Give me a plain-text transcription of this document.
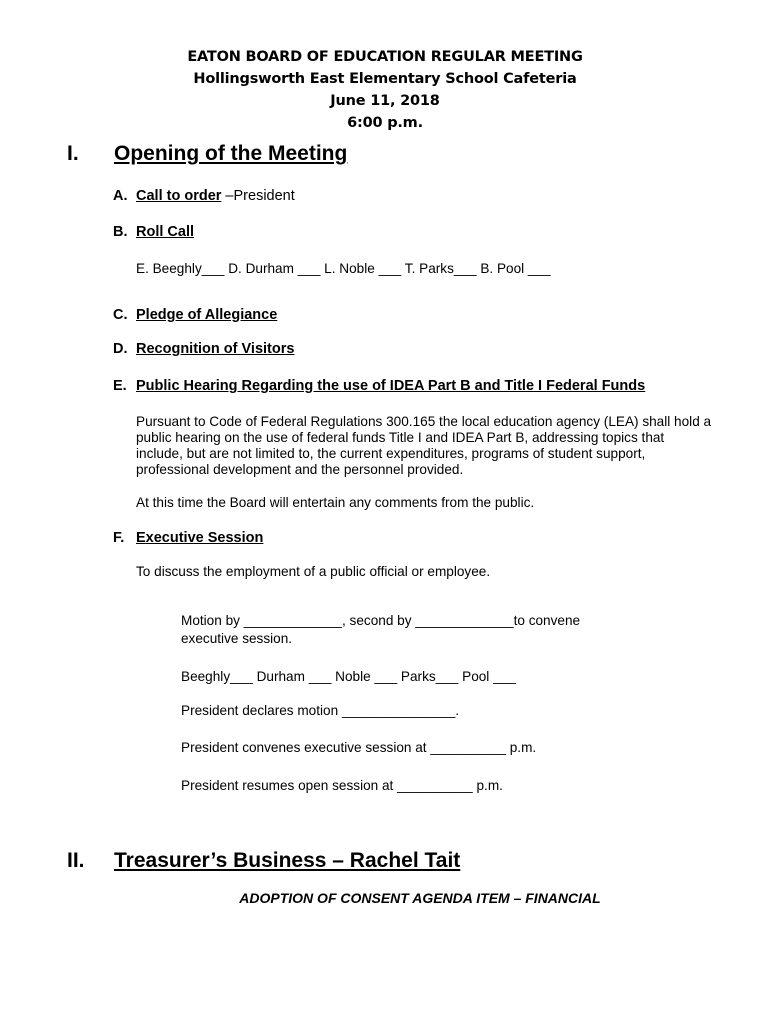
EATON BOARD OF EDUCATION REGULAR MEETING
Hollingsworth East Elementary School Cafeteria
June 11, 2018
6:00 p.m.
I. Opening of the Meeting
A. Call to order –President
B. Roll Call
E. Beeghly___ D. Durham ___ L. Noble ___ T. Parks___ B. Pool ___
C. Pledge of Allegiance
D. Recognition of Visitors
E. Public Hearing Regarding the use of IDEA Part B and Title I Federal Funds
Pursuant to Code of Federal Regulations 300.165 the local education agency (LEA) shall hold a
public hearing on the use of federal funds Title I and IDEA Part B, addressing topics that
include, but are not limited to, the current expenditures, programs of student support,
professional development and the personnel provided.
At this time the Board will entertain any comments from the public.
F. Executive Session
To discuss the employment of a public official or employee.
Motion by _____________, second by _____________to convene
executive session.
Beeghly___ Durham ___ Noble ___ Parks___ Pool ___
President declares motion _______________.
President convenes executive session at __________ p.m.
President resumes open session at __________ p.m.
II. Treasurer’s Business – Rachel Tait
ADOPTION OF CONSENT AGENDA ITEM – FINANCIAL
